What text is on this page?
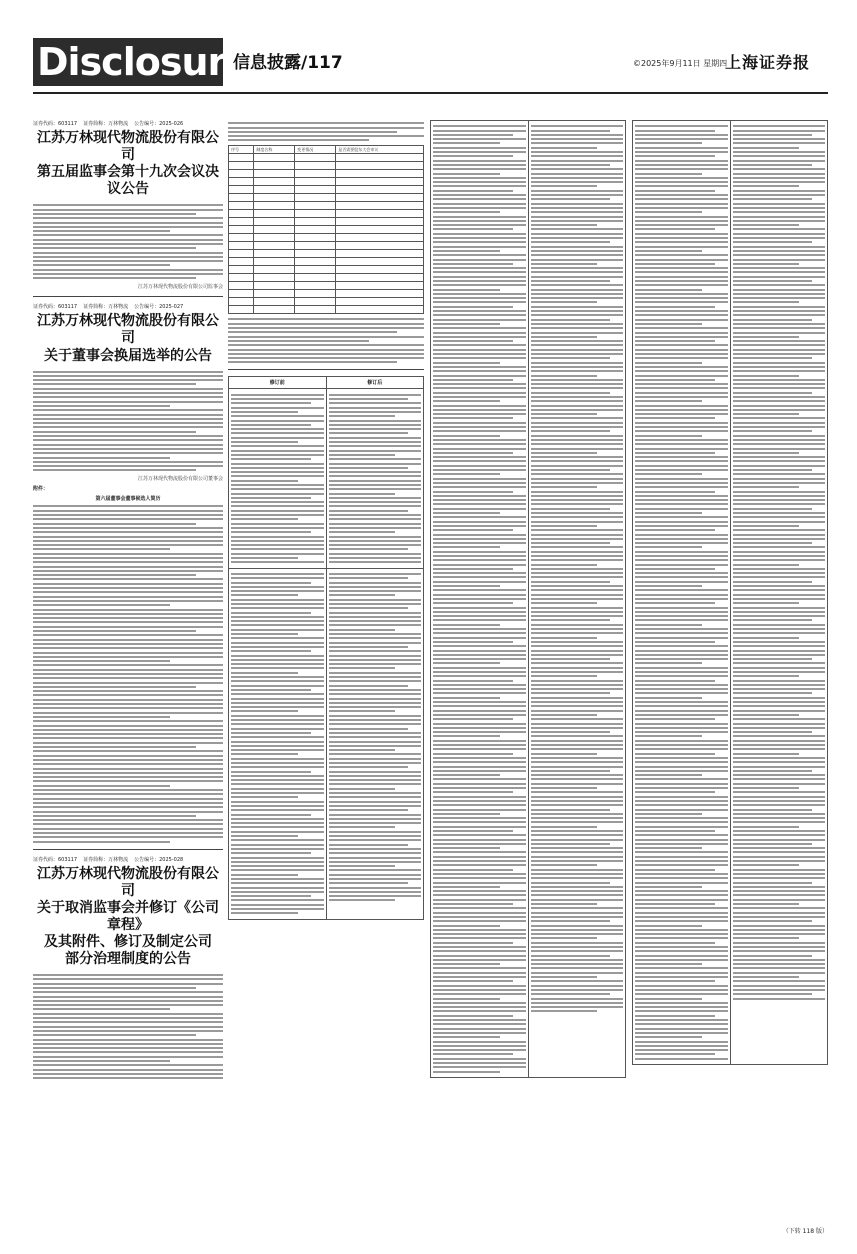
Disclosure
信息披露/117	©2025年9月11日 星期四
上海证券报
证券代码：603117 证券简称：万林物流 公告编号：2025-026
江苏万林现代物流股份有限公司
第五届监事会第十九次会议决议公告
江苏万林现代物流股份有限公司监事会
证券代码：603117 证券简称：万林物流 公告编号：2025-027
江苏万林现代物流股份有限公司
关于董事会换届选举的公告
江苏万林现代物流股份有限公司董事会
附件：
第六届董事会董事候选人简历
证券代码：603117 证券简称：万林物流 公告编号：2025-028
江苏万林现代物流股份有限公司
关于取消监事会并修订《公司章程》
及其附件、修订及制定公司
部分治理制度的公告
序号	制度名称	变更情况	是否需要股东大会审议

修订前	修订后

（下转 118 版）
